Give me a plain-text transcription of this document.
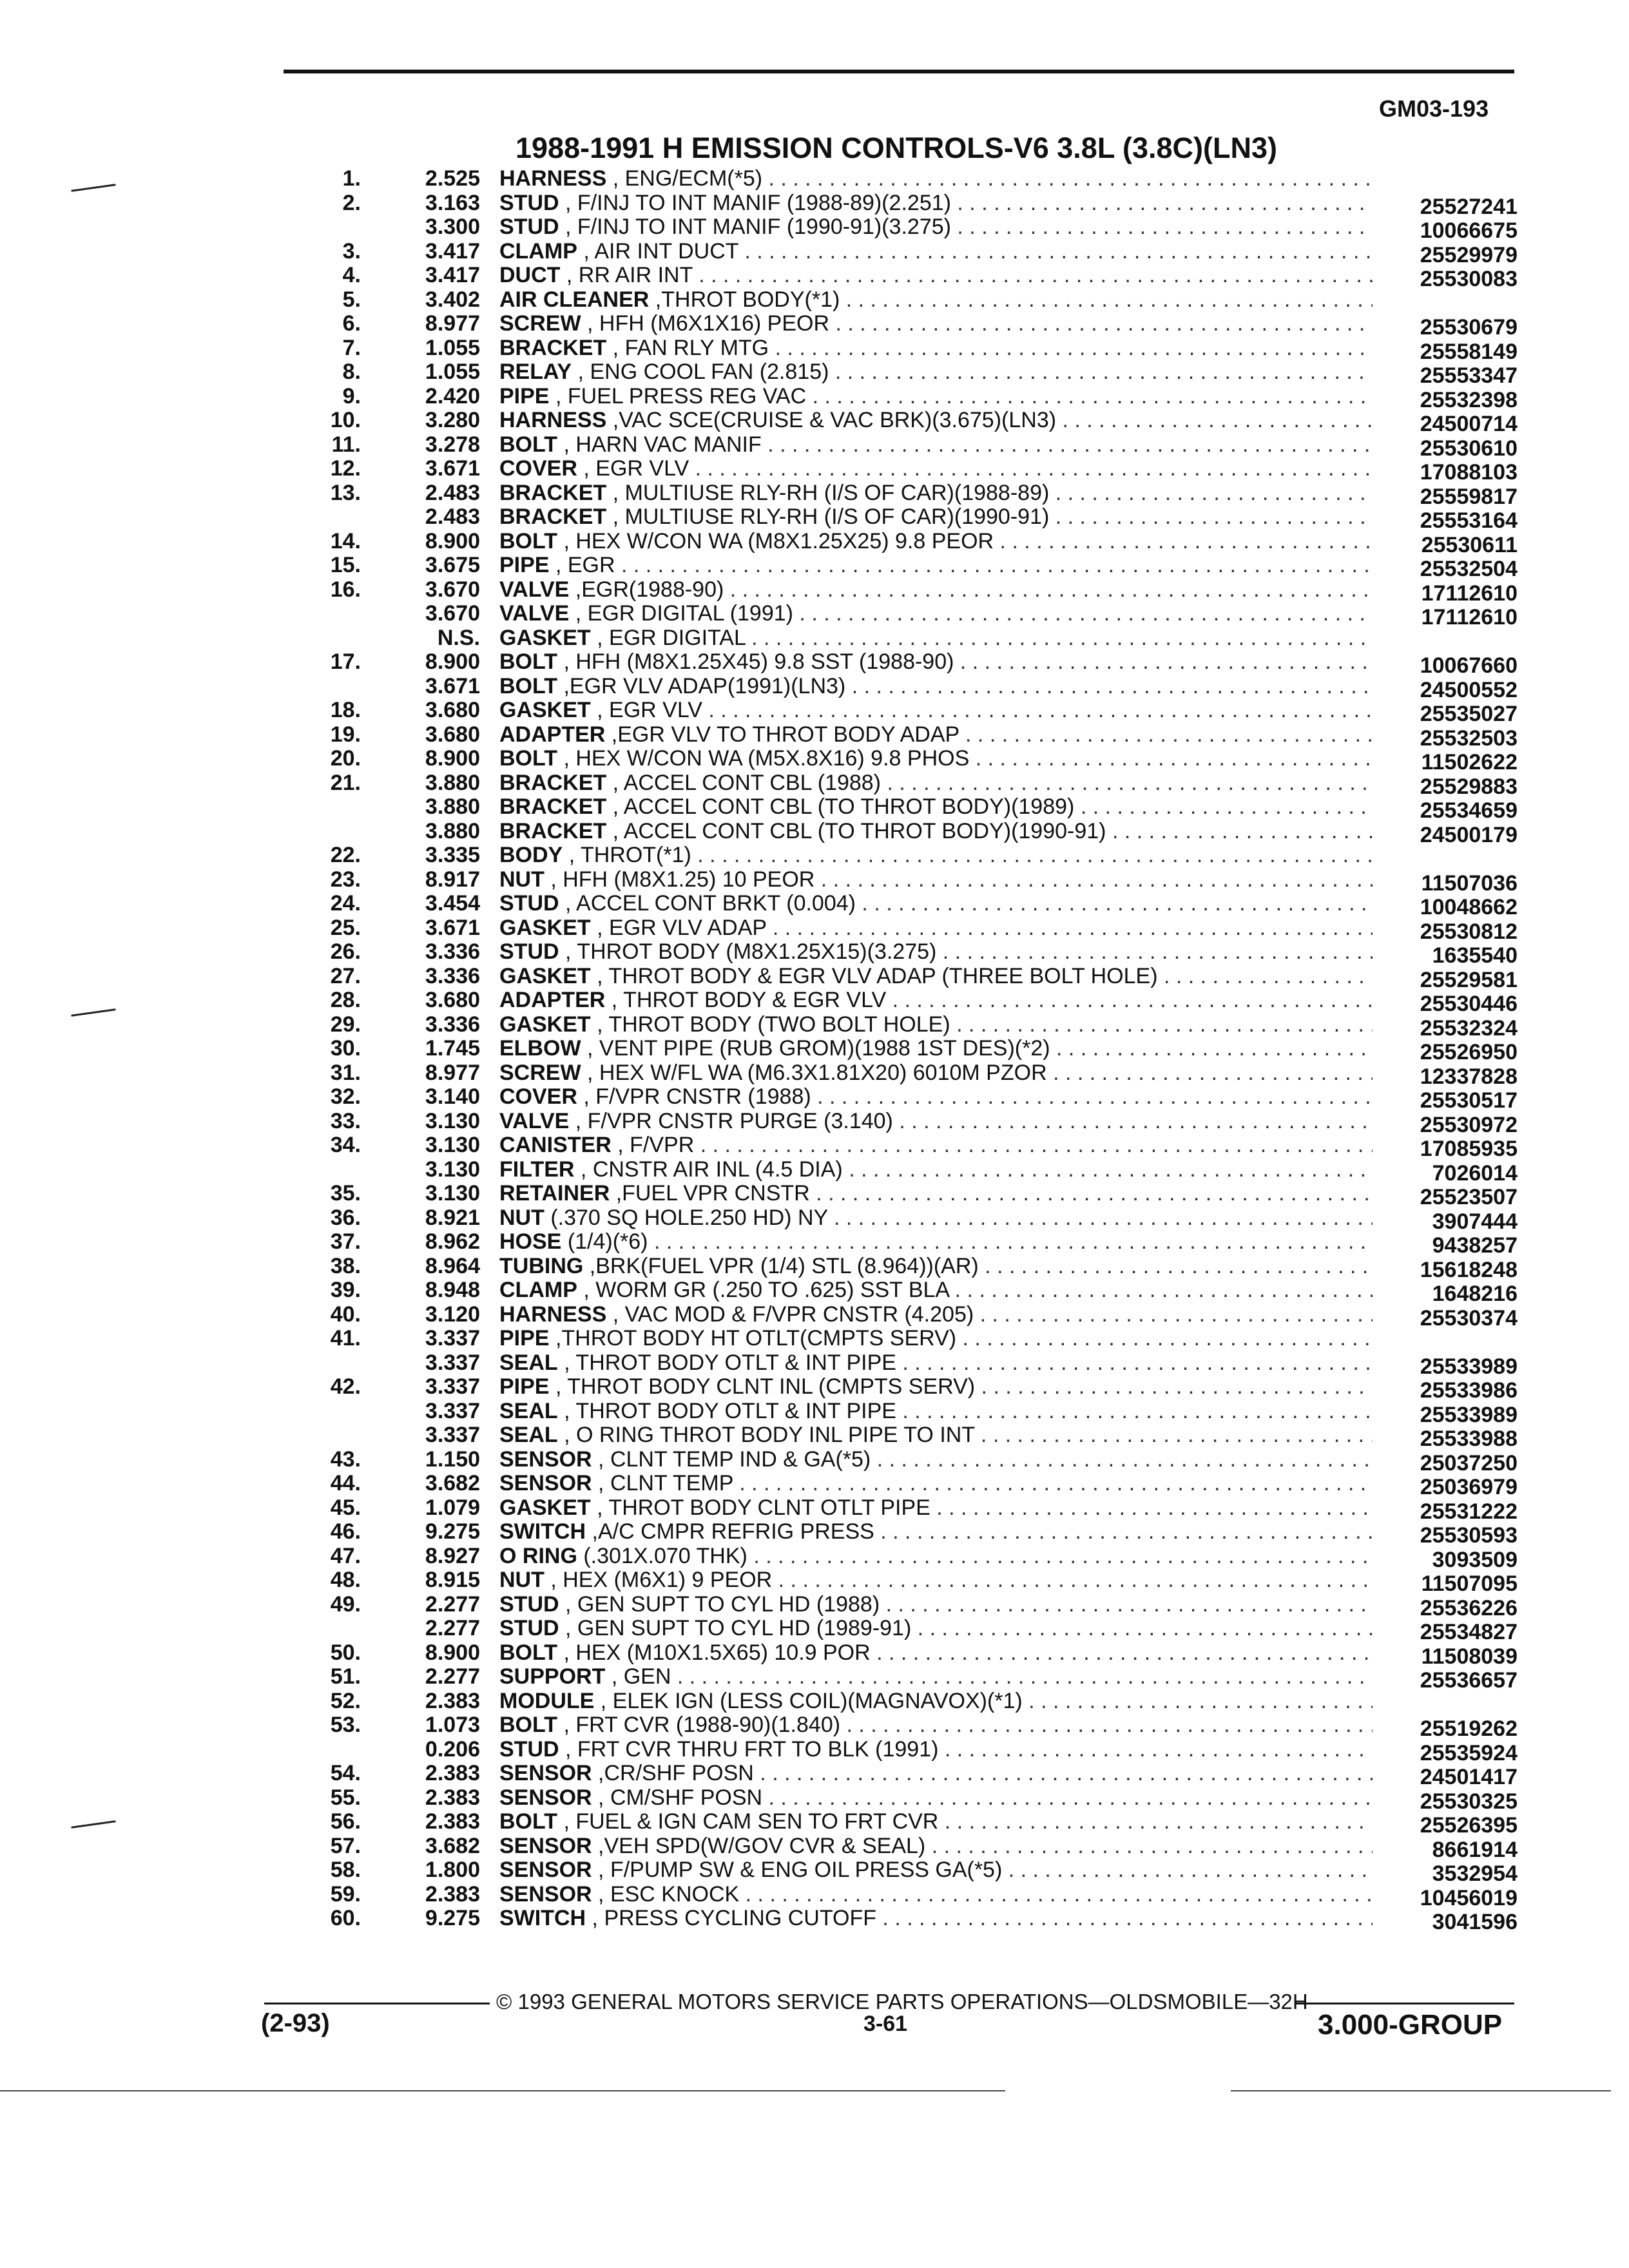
GM03-193
1988-1991 H EMISSION CONTROLS-V6 3.8L (3.8C)(LN3)
1.	2.525 HARNESS , ENG/ECM(*5) . . .
2.	3.163 STUD , F/INJ TO INT MANIF (1988-89)(2.251) . . .	25527241
3.300 STUD , F/INJ TO INT MANIF (1990-91)(3.275) . . .	10066675
3.	3.417 CLAMP , AIR INT DUCT . . .	25529979
4.	3.417 DUCT , RR AIR INT . . .	25530083
5.	3.402 AIR CLEANER ,THROT BODY(*1) . . .
6.	8.977 SCREW , HFH (M6X1X16) PEOR . . .	25530679
7.	1.055 BRACKET , FAN RLY MTG . . .	25558149
8.	1.055 RELAY , ENG COOL FAN (2.815) . . .	25553347
9.	2.420 PIPE , FUEL PRESS REG VAC . . .	25532398
10.	3.280 HARNESS ,VAC SCE(CRUISE & VAC BRK)(3.675)(LN3) . . .	24500714
11.	3.278 BOLT , HARN VAC MANIF . . .	25530610
12.	3.671 COVER , EGR VLV . . .	17088103
13.	2.483 BRACKET , MULTIUSE RLY-RH (I/S OF CAR)(1988-89) . . .	25559817
2.483 BRACKET , MULTIUSE RLY-RH (I/S OF CAR)(1990-91) . . .	25553164
14.	8.900 BOLT , HEX W/CON WA (M8X1.25X25) 9.8 PEOR . . .	25530611
15.	3.675 PIPE , EGR . . .	25532504
16.	3.670 VALVE ,EGR(1988-90) . . .	17112610
3.670 VALVE , EGR DIGITAL (1991) . . .	17112610
N.S. GASKET , EGR DIGITAL . . .
17.	8.900 BOLT , HFH (M8X1.25X45) 9.8 SST (1988-90) . . .	10067660
3.671 BOLT ,EGR VLV ADAP(1991)(LN3) . . .	24500552
18.	3.680 GASKET , EGR VLV . . .	25535027
19.	3.680 ADAPTER ,EGR VLV TO THROT BODY ADAP . . .	25532503
20.	8.900 BOLT , HEX W/CON WA (M5X.8X16) 9.8 PHOS . . .	11502622
21.	3.880 BRACKET , ACCEL CONT CBL (1988) . . .	25529883
3.880 BRACKET , ACCEL CONT CBL (TO THROT BODY)(1989) . . .	25534659
3.880 BRACKET , ACCEL CONT CBL (TO THROT BODY)(1990-91) . . .	24500179
22.	3.335 BODY , THROT(*1) . . .
23.	8.917 NUT , HFH (M8X1.25) 10 PEOR . . .	11507036
24.	3.454 STUD , ACCEL CONT BRKT (0.004) . . .	10048662
25.	3.671 GASKET , EGR VLV ADAP . . .	25530812
26.	3.336 STUD , THROT BODY (M8X1.25X15)(3.275) . . .	1635540
27.	3.336 GASKET , THROT BODY & EGR VLV ADAP (THREE BOLT HOLE) . . .	25529581
28.	3.680 ADAPTER , THROT BODY & EGR VLV . . .	25530446
29.	3.336 GASKET , THROT BODY (TWO BOLT HOLE) . . .	25532324
30.	1.745 ELBOW , VENT PIPE (RUB GROM)(1988 1ST DES)(*2) . . .	25526950
31.	8.977 SCREW , HEX W/FL WA (M6.3X1.81X20) 6010M PZOR . . .	12337828
32.	3.140 COVER , F/VPR CNSTR (1988) . . .	25530517
33.	3.130 VALVE , F/VPR CNSTR PURGE (3.140) . . .	25530972
34.	3.130 CANISTER , F/VPR . . .	17085935
3.130 FILTER , CNSTR AIR INL (4.5 DIA) . . .	7026014
35.	3.130 RETAINER ,FUEL VPR CNSTR . . .	25523507
36.	8.921 NUT (.370 SQ HOLE.250 HD) NY . . .	3907444
37.	8.962 HOSE (1/4)(*6) . . .	9438257
38.	8.964 TUBING ,BRK(FUEL VPR (1/4) STL (8.964))(AR) . . .	15618248
39.	8.948 CLAMP , WORM GR (.250 TO .625) SST BLA . . .	1648216
40.	3.120 HARNESS , VAC MOD & F/VPR CNSTR (4.205) . . .	25530374
41.	3.337 PIPE ,THROT BODY HT OTLT(CMPTS SERV) . . .
3.337 SEAL , THROT BODY OTLT & INT PIPE . . .	25533989
42.	3.337 PIPE , THROT BODY CLNT INL (CMPTS SERV) . . .	25533986
3.337 SEAL , THROT BODY OTLT & INT PIPE . . .	25533989
3.337 SEAL , O RING THROT BODY INL PIPE TO INT . . .	25533988
43.	1.150 SENSOR , CLNT TEMP IND & GA(*5) . . .	25037250
44.	3.682 SENSOR , CLNT TEMP . . .	25036979
45.	1.079 GASKET , THROT BODY CLNT OTLT PIPE . . .	25531222
46.	9.275 SWITCH ,A/C CMPR REFRIG PRESS . . .	25530593
47.	8.927 O RING (.301X.070 THK) . . .	3093509
48.	8.915 NUT , HEX (M6X1) 9 PEOR . . .	11507095
49.	2.277 STUD , GEN SUPT TO CYL HD (1988) . . .	25536226
2.277 STUD , GEN SUPT TO CYL HD (1989-91) . . .	25534827
50.	8.900 BOLT , HEX (M10X1.5X65) 10.9 POR . . .	11508039
51.	2.277 SUPPORT , GEN . . .	25536657
52.	2.383 MODULE , ELEK IGN (LESS COIL)(MAGNAVOX)(*1) . . .
53.	1.073 BOLT , FRT CVR (1988-90)(1.840) . . .	25519262
0.206 STUD , FRT CVR THRU FRT TO BLK (1991) . . .	25535924
54.	2.383 SENSOR ,CR/SHF POSN . . .	24501417
55.	2.383 SENSOR , CM/SHF POSN . . .	25530325
56.	2.383 BOLT , FUEL & IGN CAM SEN TO FRT CVR . . .	25526395
57.	3.682 SENSOR ,VEH SPD(W/GOV CVR & SEAL) . . .	8661914
58.	1.800 SENSOR , F/PUMP SW & ENG OIL PRESS GA(*5) . . .	3532954
59.	2.383 SENSOR , ESC KNOCK . . .	10456019
60.	9.275 SWITCH , PRESS CYCLING CUTOFF . . .	3041596
© 1993 GENERAL MOTORS SERVICE PARTS OPERATIONS—OLDSMOBILE—32H
(2-93)	3-61	3.000-GROUP
